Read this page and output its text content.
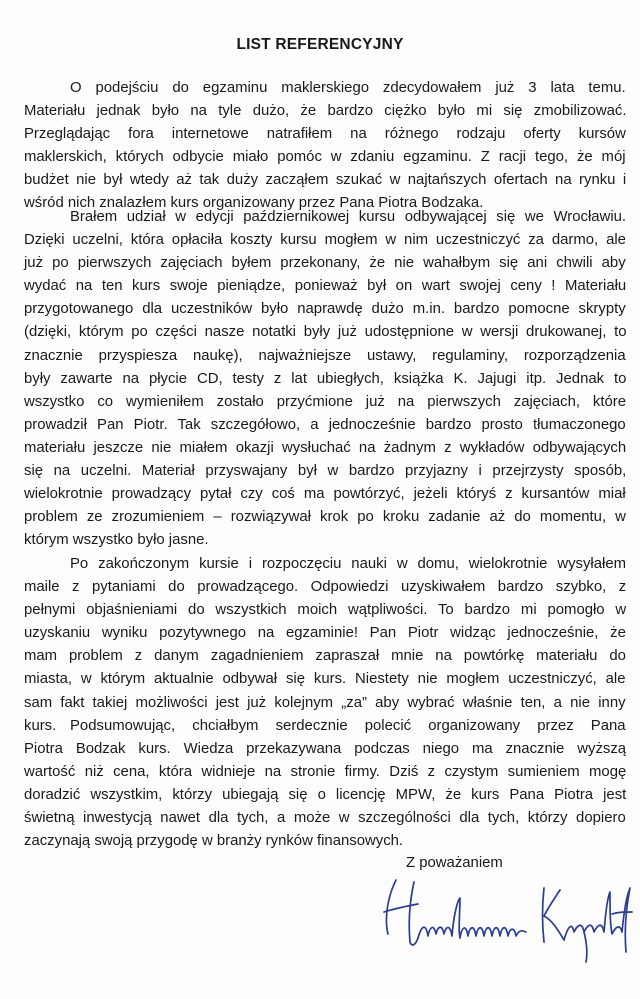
LIST REFERENCYJNY
O podejściu do egzaminu maklerskiego zdecydowałem już 3 lata temu.
Materiału jednak było na tyle dużo, że bardzo ciężko było mi się zmobilizować.
Przeglądając fora internetowe natrafiłem na różnego rodzaju oferty kursów
maklerskich, których odbycie miało pomóc w zdaniu egzaminu. Z racji tego, że mój
budżet nie był wtedy aż tak duży zacząłem szukać w najtańszych ofertach na rynku i
wśród nich znalazłem kurs organizowany przez Pana Piotra Bodzaka.
Brałem udział w edycji październikowej kursu odbywającej się we Wrocławiu.
Dzięki uczelni, która opłaciła koszty kursu mogłem w nim uczestniczyć za darmo, ale
już po pierwszych zajęciach byłem przekonany, że nie wahałbym się ani chwili aby
wydać na ten kurs swoje pieniądze, ponieważ był on wart swojej ceny ! Materiału
przygotowanego dla uczestników było naprawdę dużo m.in. bardzo pomocne skrypty
(dzięki, którym po części nasze notatki były już udostępnione w wersji drukowanej, to
znacznie przyspiesza naukę), najważniejsze ustawy, regulaminy, rozporządzenia
były zawarte na płycie CD, testy z lat ubiegłych, książka K. Jajugi itp. Jednak to
wszystko co wymieniłem zostało przyćmione już na pierwszych zajęciach, które
prowadził Pan Piotr. Tak szczegółowo, a jednocześnie bardzo prosto tłumaczonego
materiału jeszcze nie miałem okazji wysłuchać na żadnym z wykładów odbywających
się na uczelni. Materiał przyswajany był w bardzo przyjazny i przejrzysty sposób,
wielokrotnie prowadzący pytał czy coś ma powtórzyć, jeżeli któryś z kursantów miał
problem ze zrozumieniem – rozwiązywał krok po kroku zadanie aż do momentu, w
którym wszystko było jasne.
Po zakończonym kursie i rozpoczęciu nauki w domu, wielokrotnie wysyłałem
maile z pytaniami do prowadzącego. Odpowiedzi uzyskiwałem bardzo szybko, z
pełnymi objaśnieniami do wszystkich moich wątpliwości. To bardzo mi pomogło w
uzyskaniu wyniku pozytywnego na egzaminie! Pan Piotr widząc jednocześnie, że
mam problem z danym zagadnieniem zapraszał mnie na powtórkę materiału do
miasta, w którym aktualnie odbywał się kurs. Niestety nie mogłem uczestniczyć, ale
sam fakt takiej możliwości jest już kolejnym „za” aby wybrać właśnie ten, a nie inny
kurs. Podsumowując, chciałbym serdecznie polecić organizowany przez Pana
Piotra Bodzak kurs. Wiedza przekazywana podczas niego ma znacznie wyższą
wartość niż cena, która widnieje na stronie firmy. Dziś z czystym sumieniem mogę
doradzić wszystkim, którzy ubiegają się o licencję MPW, że kurs Pana Piotra jest
świetną inwestycją nawet dla tych, a może w szczególności dla tych, którzy dopiero
zaczynają swoją przygodę w branży rynków finansowych.
Z poważaniem
